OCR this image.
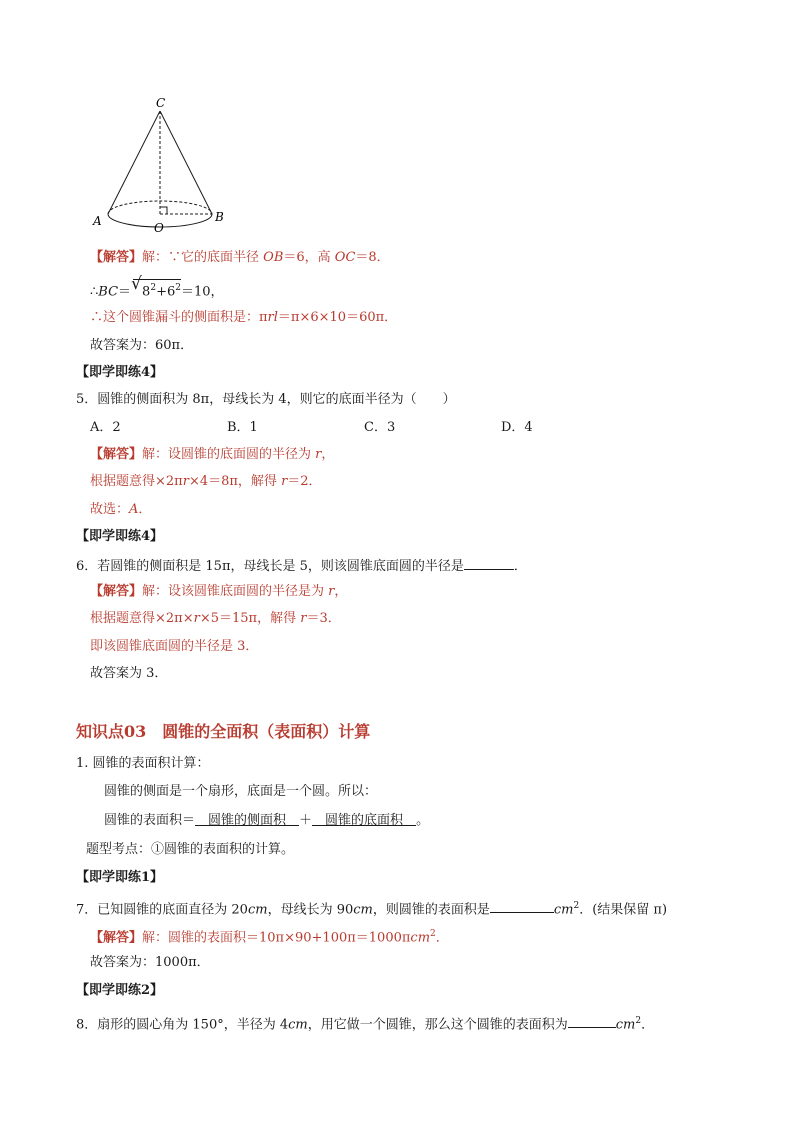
C
A	B
O
【解答】解：∵它的底面半径 OB＝6，高 OC＝8．
∴BC＝ √ $8^2+6^2=10$，
∴这个圆锥漏斗的侧面积是：πrl＝π×6×10＝60π．
故答案为：60π．
【即学即练4】
5．圆锥的侧面积为 8π，母线长为 4，则它的底面半径为（　　）
A．2	B．1	C．3	D．4
【解答】解：设圆锥的底面圆的半径为 r，
根据题意得×2πr×4＝8π，解得 r＝2．
故选：A．
【即学即练4】
6．若圆锥的侧面积是 15π，母线长是 5，则该圆锥底面圆的半径是	．
【解答】解：设该圆锥底面圆的半径是为 r，
根据题意得×2π×r×5＝15π，解得 r＝3．
即该圆锥底面圆的半径是 3．
故答案为 3．
知识点03　圆锥的全面积（表面积）计算
1. 圆锥的表面积计算：
圆锥的侧面是一个扇形，底面是一个圆。所以：
圆锥的表面积＝　圆锥的侧面积　＋　圆锥的底面积　。
题型考点：①圆锥的表面积的计算。
【即学即练1】
7．已知圆锥的底面直径为 20cm，母线长为 90cm，则圆锥的表面积是	$cm^2$．(结果保留 π)
【解答】解：圆锥的表面积＝10π×90+100π＝1000πcm$^2$．
故答案为：1000π．
【即学即练2】
8．扇形的圆心角为 150°，半径为 4cm，用它做一个圆锥，那么这个圆锥的表面积为	$cm^2$．
